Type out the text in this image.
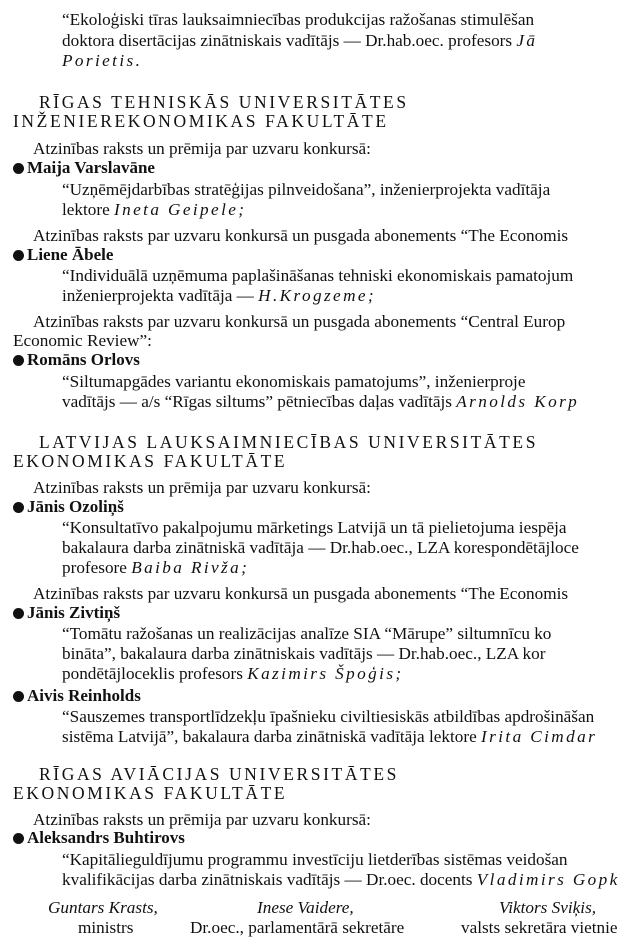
“Ekoloģiski tīras lauksaimniecības produkcijas ražošanas stimulēšan
doktora disertācijas zinātniskais vadītājs — Dr.hab.oec. profesors Jā
Porietis.
RĪGAS TEHNISKĀS UNIVERSITĀTES
INŽENIEREKONOMIKAS FAKULTĀTE
Atzinības raksts un prēmija par uzvaru konkursā:
Maija Varslavāne
“Uzņēmējdarbības stratēģijas pilnveidošana”, inženierprojekta vadītāja
lektore Ineta Geipele;
Atzinības raksts par uzvaru konkursā un pusgada abonements “The Economis
Liene Ābele
“Individuālā uzņēmuma paplašināšanas tehniski ekonomiskais pamatojum
inženierprojekta vadītāja — H.Krogzeme;
Atzinības raksts par uzvaru konkursā un pusgada abonements “Central Europ
Economic Review”:
Romāns Orlovs
“Siltumapgādes variantu ekonomiskais pamatojums”, inženierproje
vadītājs — a/s “Rīgas siltums” pētniecības daļas vadītājs Arnolds Korp
LATVIJAS LAUKSAIMNIECĪBAS UNIVERSITĀTES
EKONOMIKAS FAKULTĀTE
Atzinības raksts un prēmija par uzvaru konkursā:
Jānis Ozoliņš
“Konsultatīvo pakalpojumu mārketings Latvijā un tā pielietojuma iespēja
bakalaura darba zinātniskā vadītāja — Dr.hab.oec., LZA korespondētājloce
profesore Baiba Rivža;
Atzinības raksts par uzvaru konkursā un pusgada abonements “The Economis
Jānis Zivtiņš
“Tomātu ražošanas un realizācijas analīze SIA “Mārupe” siltumnīcu ko
bināta”, bakalaura darba zinātniskais vadītājs — Dr.hab.oec., LZA kor
pondētājloceklis profesors Kazimirs Špoģis;
Aivis Reinholds
“Sauszemes transportlīdzekļu īpašnieku civiltiesiskās atbildības apdrošināšan
sistēma Latvijā”, bakalaura darba zinātniskā vadītāja lektore Irita Cimdar
RĪGAS AVIĀCIJAS UNIVERSITĀTES
EKONOMIKAS FAKULTĀTE
Atzinības raksts un prēmija par uzvaru konkursā:
Aleksandrs Buhtirovs
“Kapitālieguldījumu programmu investīciju lietderības sistēmas veidošan
kvalifikācijas darba zinātniskais vadītājs — Dr.oec. docents Vladimirs Gopk
Guntars Krasts,
ministrs
Inese Vaidere,
Dr.oec., parlamentārā sekretāre
Viktors Sviķis,
valsts sekretāra vietnie
